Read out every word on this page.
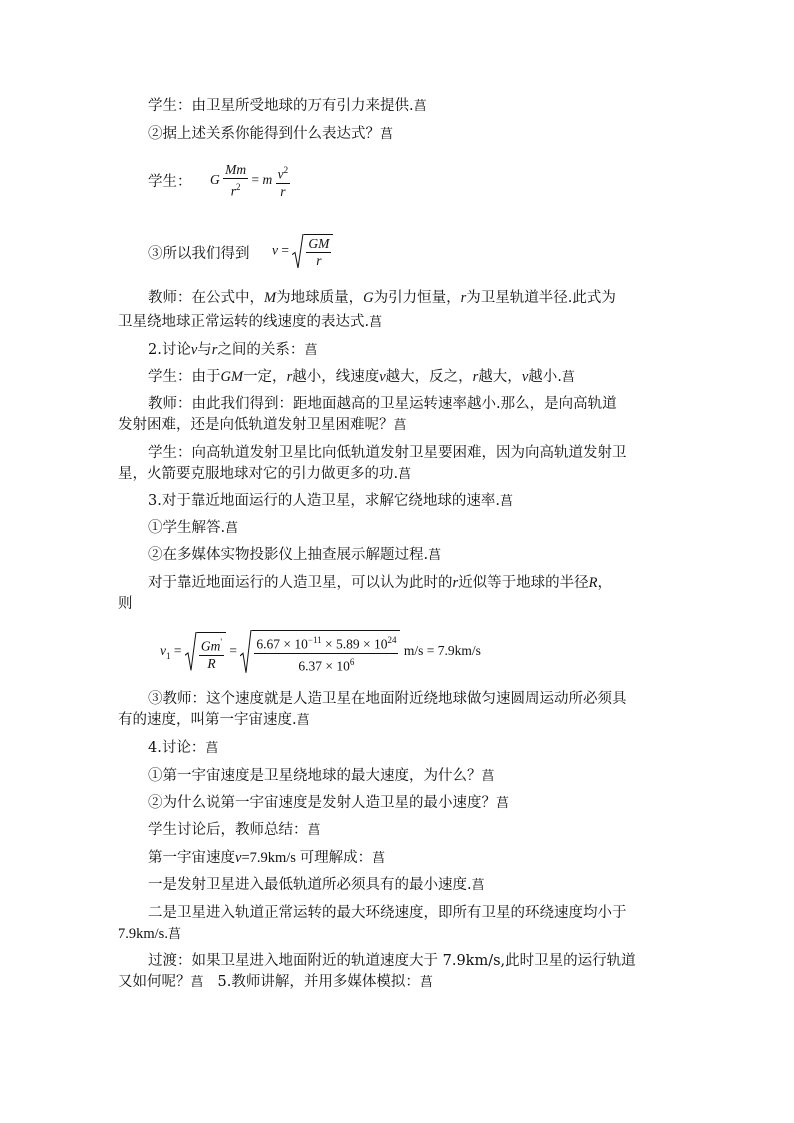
学生：由卫星所受地球的万有引力来提供.菖
②据上述关系你能得到什么表达式？菖
学生： G $\frac{Mm}{r^2} = m \frac{v^2}{r}$
③所以我们得到 $v = \frac{GM}{r}$
教师：在公式中，M为地球质量，G为引力恒量，r为卫星轨道半径.此式为
卫星绕地球正常运转的线速度的表达式.菖
2.讨论v与r之间的关系：菖
学生：由于GM一定，r越小，线速度v越大，反之，r越大，v越小.菖
教师：由此我们得到：距地面越高的卫星运转速率越小.那么，是向高轨道
发射困难，还是向低轨道发射卫星困难呢？菖
学生：向高轨道发射卫星比向低轨道发射卫星要困难，因为向高轨道发射卫
星，火箭要克服地球对它的引力做更多的功.菖
3.对于靠近地面运行的人造卫星，求解它绕地球的速率.菖
①学生解答.菖
②在多媒体实物投影仪上抽查展示解题过程.菖
对于靠近地面运行的人造卫星，可以认为此时的r近似等于地球的半径R，
则
$v_1 = \frac{Gm'}{R} = \frac{6.67 \times 10^{-11} \times 5.89 \times 10^{24}}{6.37 \times 10^6} m/s = 7.9km/s$
③教师：这个速度就是人造卫星在地面附近绕地球做匀速圆周运动所必须具
有的速度，叫第一宇宙速度.菖
4.讨论：菖
①第一宇宙速度是卫星绕地球的最大速度，为什么？菖
②为什么说第一宇宙速度是发射人造卫星的最小速度？菖
学生讨论后，教师总结：菖
第一宇宙速度v=7.9km/s 可理解成：菖
一是发射卫星进入最低轨道所必须具有的最小速度.菖
二是卫星进入轨道正常运转的最大环绕速度，即所有卫星的环绕速度均小于
7.9km/s.菖
过渡：如果卫星进入地面附近的轨道速度大于 7.9km/s,此时卫星的运行轨道
又如何呢？菖 5.教师讲解，并用多媒体模拟：菖
